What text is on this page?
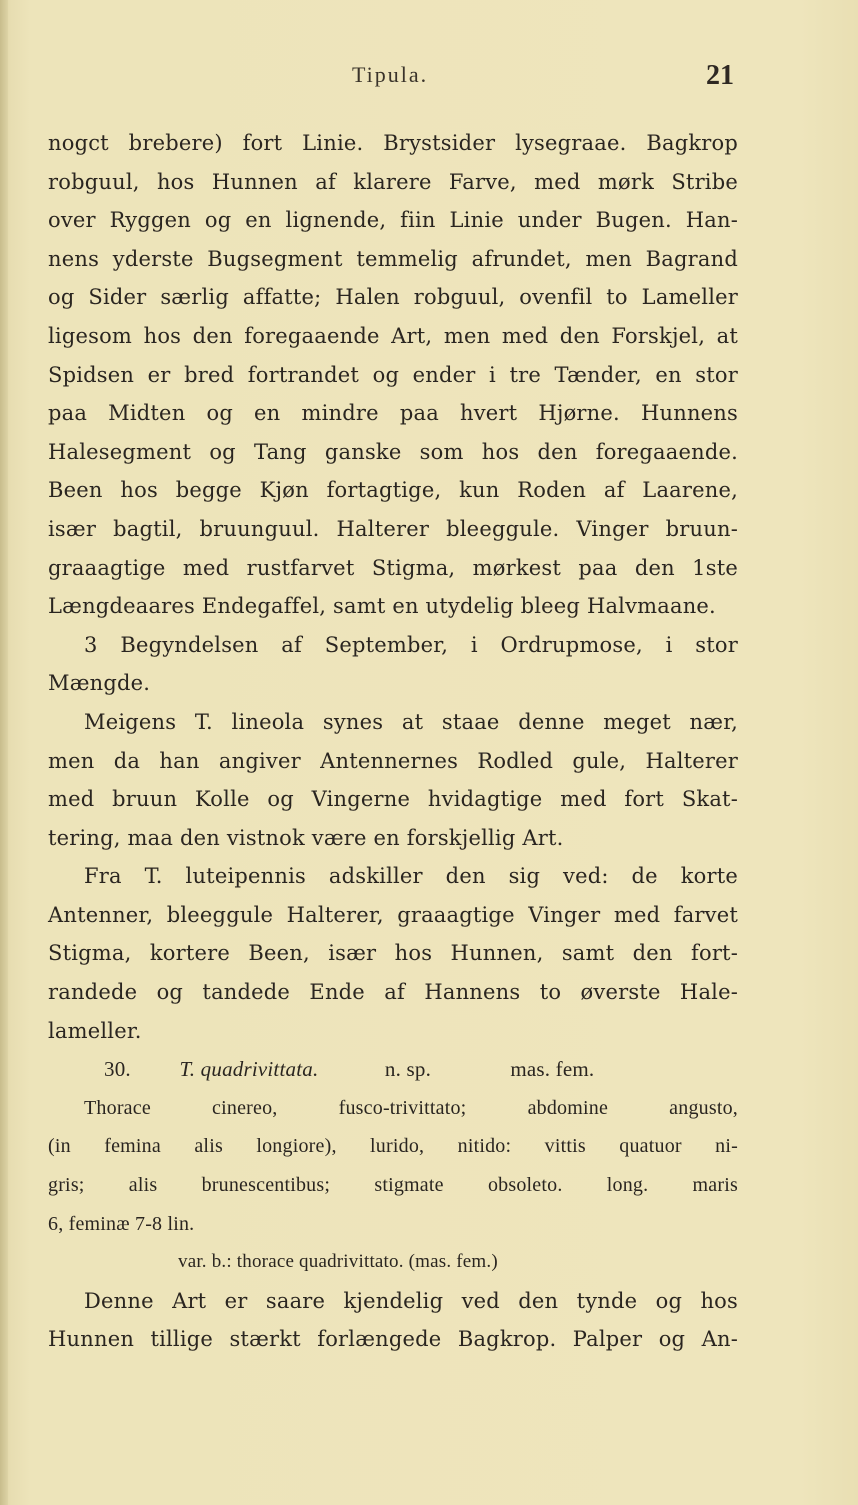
Tipula.	21
nogct brebere) fort Linie. Brystsider lysegraae. Bagkrop
robguul, hos Hunnen af klarere Farve, med mørk Stribe
over Ryggen og en lignende, fiin Linie under Bugen. Han-
nens yderste Bugsegment temmelig afrundet, men Bagrand
og Sider særlig affatte; Halen robguul, ovenfil to Lameller
ligesom hos den foregaaende Art, men med den Forskjel, at
Spidsen er bred fortrandet og ender i tre Tænder, en stor
paa Midten og en mindre paa hvert Hjørne. Hunnens
Halesegment og Tang ganske som hos den foregaaende.
Been hos begge Kjøn fortagtige, kun Roden af Laarene,
især bagtil, bruunguul. Halterer bleeggule. Vinger bruun-
graaagtige med rustfarvet Stigma, mørkest paa den 1ste
Længdeaares Endegaffel, samt en utydelig bleeg Halvmaane.
3 Begyndelsen af September, i Ordrupmose, i stor
Mængde.
Meigens T. lineola synes at staae denne meget nær,
men da han angiver Antennernes Rodled gule, Halterer
med bruun Kolle og Vingerne hvidagtige med fort Skat-
tering, maa den vistnok være en forskjellig Art.
Fra T. luteipennis adskiller den sig ved: de korte
Antenner, bleeggule Halterer, graaagtige Vinger med farvet
Stigma, kortere Been, især hos Hunnen, samt den fort-
randede og tandede Ende af Hannens to øverste Hale-
lameller.
30. T. quadrivittata.	n. sp.	mas. fem.
Thorace cinereo, fusco-trivittato; abdomine angusto,
(in femina alis longiore), lurido, nitido: vittis quatuor ni-
gris; alis brunescentibus; stigmate obsoleto. long. maris
6, feminæ 7-8 lin.
var. b.: thorace quadrivittato. (mas. fem.)
Denne Art er saare kjendelig ved den tynde og hos
Hunnen tillige stærkt forlængede Bagkrop. Palper og An-
